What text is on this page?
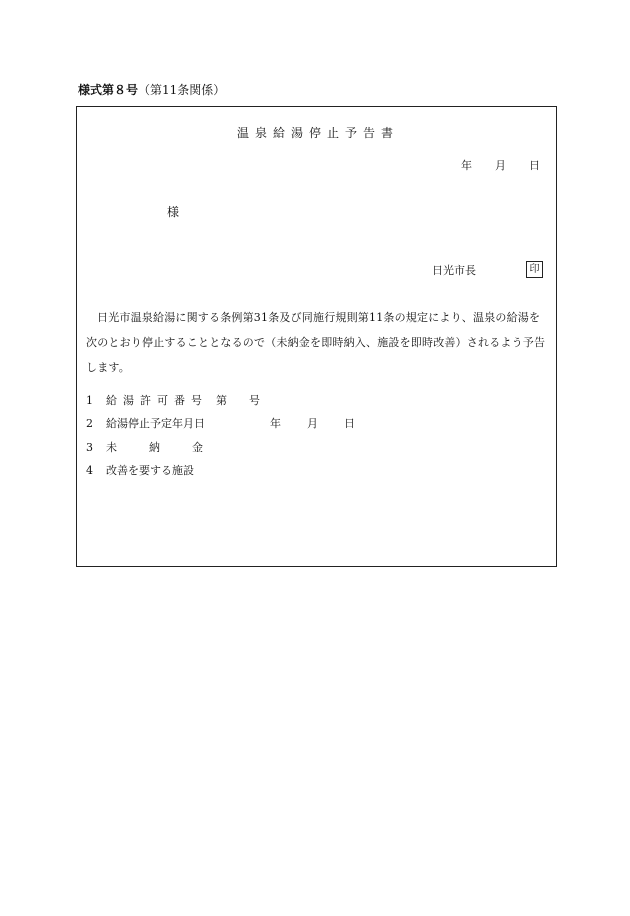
様式第８号（第11条関係）
温泉給湯停止予告書
年 月 日
様
日光市長	印
日光市温泉給湯に関する条例第31条及び同施行規則第11条の規定により、温泉の給湯を次のとおり停止することとなるので（未納金を即時納入、施設を即時改善）されるよう予告します。
1 給湯許可番号 第 号
2 給湯停止予定年月日	年 月 日
3 未	納	金
4 改善を要する施設
